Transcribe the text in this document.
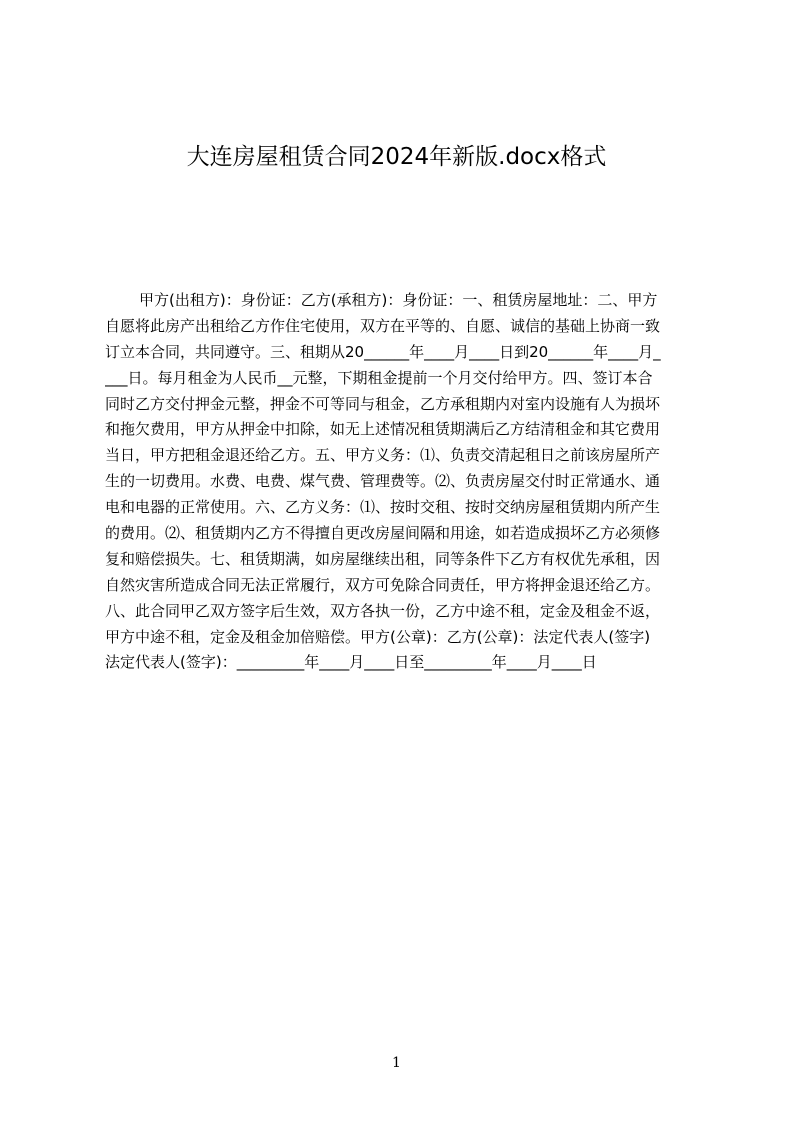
大连房屋租赁合同2024年新版.docx格式
甲方(出租方)：身份证：乙方(承租方)：身份证：一、租赁房屋地址：二、甲方
自愿将此房产出租给乙方作住宅使用，双方在平等的、自愿、诚信的基础上协商一致
订立本合同，共同遵守。三、租期从20______年____月____日到20______年____月_
___日。每月租金为人民币__元整，下期租金提前一个月交付给甲方。四、签订本合
同时乙方交付押金元整，押金不可等同与租金，乙方承租期内对室内设施有人为损坏
和拖欠费用，甲方从押金中扣除，如无上述情况租赁期满后乙方结清租金和其它费用
当日，甲方把租金退还给乙方。五、甲方义务：⑴、负责交清起租日之前该房屋所产
生的一切费用。水费、电费、煤气费、管理费等。⑵、负责房屋交付时正常通水、通
电和电器的正常使用。六、乙方义务：⑴、按时交租、按时交纳房屋租赁期内所产生
的费用。⑵、租赁期内乙方不得擅自更改房屋间隔和用途，如若造成损坏乙方必须修
复和赔偿损失。七、租赁期满，如房屋继续出租，同等条件下乙方有权优先承租，因
自然灾害所造成合同无法正常履行，双方可免除合同责任，甲方将押金退还给乙方。
八、此合同甲乙双方签字后生效，双方各执一份，乙方中途不租，定金及租金不返，
甲方中途不租，定金及租金加倍赔偿。甲方(公章)：乙方(公章)：法定代表人(签字)
法定代表人(签字)：_________年____月____日至_________年____月____日
1
